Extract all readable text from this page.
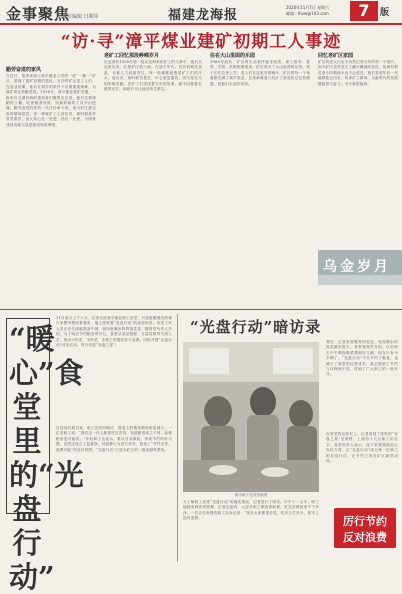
金事聚焦
责任编辑 日期等	福建龙海报
2020年11月7日 星期六
邮箱：lhxw@163.com	7	版
“访·寻”漳平煤业建矿初期工人事迹
勤劳奋进的家风
在近日，笔者来到了漳平煤业公司的一座“一楼一”矿区，看到了建矿初期的遗址，当初的矿区老工人们，在创业初期，他们在艰苦的条件下克服重重困难，为煤矿事业奉献青春。1958年，漳平煤业建矿初期，一批来自五湖四海的建设者们聚集在这里，他们住着简陋的工棚，吃着粗茶淡饭，用最原始的工具开山挖煤。勤劳奋进的家风一代代传承下来，成为矿区最宝贵的精神财富。老一辈煤矿工人回忆说，那时候条件虽然艰苦，但大家心往一处想，劲往一处使，为国家建设贡献力量是最光荣的事情。
老矿工回忆那段峥嵘岁月
在近来的1958年第一批从龙海来的矿工的父辈中，他们从这里出发，扎根矿区数十载。在那个年代，没有机械化设备，全靠人力肩挑背扛，每一吨煤都浸透着矿工们的汗水。他们说，那时候苦是苦，可心里是甜的，因为是在为国家做贡献。老矿工们讲述着当年的故事，眼中闪烁着自豪的光芒，那段岁月让他们终生难忘。
住在大山里面的乐园
1960年前后，矿区的生活条件逐步改善，职工宿舍、食堂、学校、医院相继建成，矿区成为了大山里面的乐园。孩子们在这里上学，老人们在这里安度晚年，矿区的每一个角落都充满了欢声笑语。这里承载着几代矿工家庭的记忆和情感，是他们永远的家园。
回忆老矿区家园
矿区的老人们至今仍然记得当年的每一个细节。如今矿区虽然发生了翻天覆地的变化，但那份艰苦奋斗的精神永远不会改变。他们希望年轻一代能够铭记历史，传承矿工精神，为新时代的发展继续努力奋斗，书写新的篇章。
乌金岁月
“暖心”食堂里的“光盘行动”
11月某日上午十点，记者走进漳平煤业职工食堂，只见宽敞明亮的餐厅里整齐摆放着餐桌，墙上张贴着“光盘行动”的宣传标语。食堂工作人员正在忙碌地准备午餐，厨房里飘出阵阵饭菜香。据食堂负责人介绍，为了响应节约粮食的号召，食堂从菜品搭配、分量控制等方面入手，推出小份菜、半份菜，让职工吃饱吃好不浪费。同时开展“光盘行动”评比活动，每月评选“光盘之星”。
自活动开展以来，职工们纷纷响应，餐桌上的剩菜剩饭明显减少。一位老职工说：“我们这一代人都是吃过苦的，知道粮食来之不易，浪费粮食是可耻的。”年轻职工也表示，要从自身做起，养成节约的好习惯。食堂还设立了监督岗，对浪费行为进行劝导，营造了“节约光荣、浪费可耻”的良好氛围。“光盘行动”已成为矿区的一道亮丽风景线。
“光盘行动”暗访录
图为职工在食堂就餐
为了解职工食堂“光盘行动”的落实情况，记者进行了暗访。中午十一点半，职工陆续来到食堂就餐，记者注意到，大部分职工都按需取餐，吃完后餐盘里干干净净。一位正在用餐的职工告诉记者：“现在大家都很自觉，吃多少打多少，基本上没有浪费。”
餐后，记者来到餐具回收处，发现剩余的饭菜确实很少。食堂管理员介绍，以前每天中午剩饭剩菜要倒好几桶，现在只有小半桶了。“光盘行动”不仅节约了粮食，也减少了食堂的运营成本，真正做到了节约与环保两不误，得到了广大职工的一致好评。
在食堂的宣传栏上，记者看到了张贴的“光盘之星”光荣榜，上面有十几位职工的名字。食堂负责人表示，接下来将继续加大宣传力度，让“光盘行动”成为每一位职工的自觉行动，让节约之风在矿区蔚然成风。
厉行节约
反对浪费
